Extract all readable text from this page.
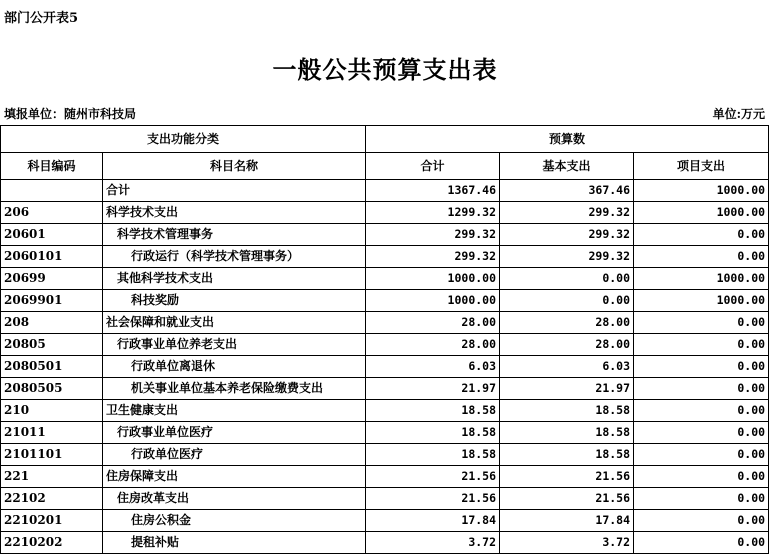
部门公开表5
一般公共预算支出表
填报单位：随州市科技局	单位:万元
支出功能分类		预算数		
科目编码	科目名称	合计	基本支出	项目支出
	合计	1367.46	367.46	1000.00
206	科学技术支出	1299.32	299.32	1000.00
20601	科学技术管理事务	299.32	299.32	0.00
2060101	行政运行（科学技术管理事务）	299.32	299.32	0.00
20699	其他科学技术支出	1000.00	0.00	1000.00
2069901	科技奖励	1000.00	0.00	1000.00
208	社会保障和就业支出	28.00	28.00	0.00
20805	行政事业单位养老支出	28.00	28.00	0.00
2080501	行政单位离退休	6.03	6.03	0.00
2080505	机关事业单位基本养老保险缴费支出	21.97	21.97	0.00
210	卫生健康支出	18.58	18.58	0.00
21011	行政事业单位医疗	18.58	18.58	0.00
2101101	行政单位医疗	18.58	18.58	0.00
221	住房保障支出	21.56	21.56	0.00
22102	住房改革支出	21.56	21.56	0.00
2210201	住房公积金	17.84	17.84	0.00
2210202	提租补贴	3.72	3.72	0.00
